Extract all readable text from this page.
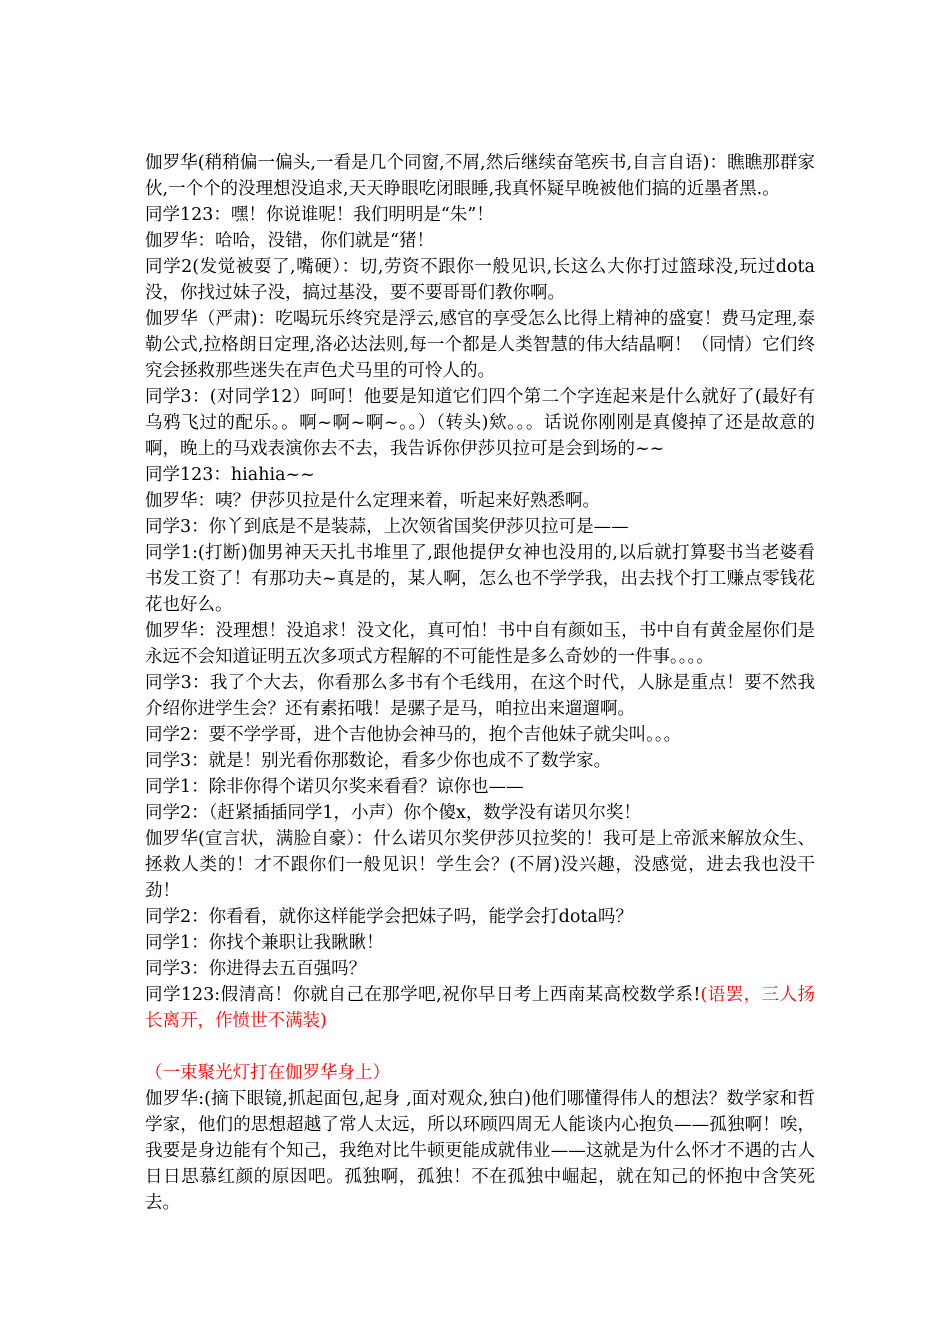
伽罗华(稍稍偏一偏头,一看是几个同窗,不屑,然后继续奋笔疾书,自言自语)：瞧瞧那群家伙,一个个的没理想没追求,天天睁眼吃闭眼睡,我真怀疑早晚被他们搞的近墨者黑.。

同学123：嘿！你说谁呢！我们明明是“朱”！

伽罗华：哈哈，没错，你们就是“猪！

同学2(发觉被耍了,嘴硬）：切,劳资不跟你一般见识,长这么大你打过篮球没,玩过dota没，你找过妹子没，搞过基没，要不要哥哥们教你啊。

伽罗华（严肃)：吃喝玩乐终究是浮云,感官的享受怎么比得上精神的盛宴！费马定理,泰勒公式,拉格朗日定理,洛必达法则,每一个都是人类智慧的伟大结晶啊！（同情）它们终究会拯救那些迷失在声色犬马里的可怜人的。

同学3：(对同学12）呵呵！他要是知道它们四个第二个字连起来是什么就好了(最好有乌鸦飞过的配乐。。啊~啊~啊~。。）（转头)欸。。。话说你刚刚是真傻掉了还是故意的啊，晚上的马戏表演你去不去，我告诉你伊莎贝拉可是会到场的~~

同学123：hiahia~~

伽罗华：咦？伊莎贝拉是什么定理来着，听起来好熟悉啊。

同学3：你丫到底是不是装蒜，上次领省国奖伊莎贝拉可是——

同学1:(打断)伽男神天天扎书堆里了,跟他提伊女神也没用的,以后就打算娶书当老婆看书发工资了！有那功夫~真是的，某人啊，怎么也不学学我，出去找个打工赚点零钱花花也好么。

伽罗华：没理想！没追求！没文化，真可怕！书中自有颜如玉，书中自有黄金屋你们是永远不会知道证明五次多项式方程解的不可能性是多么奇妙的一件事。。。。

同学3：我了个大去，你看那么多书有个毛线用，在这个时代，人脉是重点！要不然我介绍你进学生会？还有素拓哦！是骡子是马，咱拉出来遛遛啊。

同学2：要不学学哥，进个吉他协会神马的，抱个吉他妹子就尖叫。。。

同学3：就是！别光看你那数论，看多少你也成不了数学家。

同学1：除非你得个诺贝尔奖来看看？谅你也——

同学2：（赶紧插插同学1，小声）你个傻x，数学没有诺贝尔奖！

伽罗华(宣言状，满脸自豪）：什么诺贝尔奖伊莎贝拉奖的！我可是上帝派来解放众生、拯救人类的！才不跟你们一般见识！学生会？(不屑)没兴趣，没感觉，进去我也没干劲！

同学2：你看看，就你这样能学会把妹子吗，能学会打dota吗？

同学1：你找个兼职让我瞅瞅！

同学3：你进得去五百强吗？

同学123:假清高！你就自己在那学吧,祝你早日考上西南某高校数学系!(语罢，三人扬长离开，作愤世不满装)

（一束聚光灯打在伽罗华身上）

伽罗华:(摘下眼镜,抓起面包,起身 ,面对观众,独白)他们哪懂得伟人的想法？数学家和哲学家，他们的思想超越了常人太远，所以环顾四周无人能谈内心抱负——孤独啊！唉，我要是身边能有个知己，我绝对比牛顿更能成就伟业——这就是为什么怀才不遇的古人日日思慕红颜的原因吧。孤独啊，孤独！不在孤独中崛起，就在知己的怀抱中含笑死去。
